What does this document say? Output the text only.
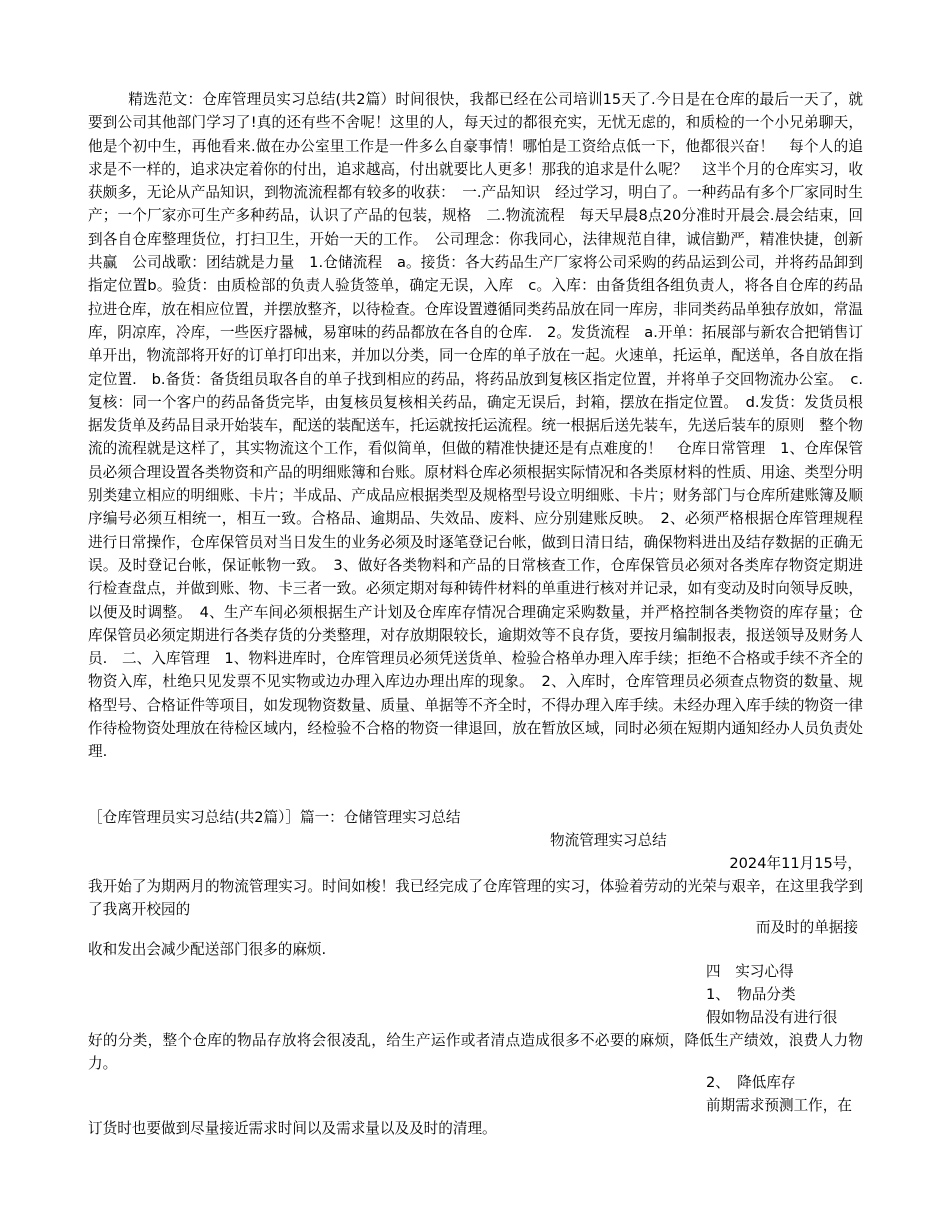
精选范文：仓库管理员实习总结(共2篇）时间很快，我都已经在公司培训15天了.今日是在仓库的最后一天了，就要到公司其他部门学习了!真的还有些不舍呢！这里的人，每天过的都很充实，无忧无虑的，和质检的一个小兄弟聊天，他是个初中生，再他看来.做在办公室里工作是一件多么自豪事情！哪怕是工资给点低一下，他都很兴奋！　每个人的追求是不一样的，追求决定着你的付出，追求越高，付出就要比人更多！那我的追求是什么呢？　这半个月的仓库实习，收获颇多，无论从产品知识，到物流流程都有较多的收获：　一.产品知识　经过学习，明白了。一种药品有多个厂家同时生产；一个厂家亦可生产多种药品，认识了产品的包装，规格　二.物流流程　每天早晨8点20分准时开晨会.晨会结束，回到各自仓库整理货位，打扫卫生，开始一天的工作。　公司理念：你我同心，法律规范自律，诚信勤严，精准快捷，创新共赢　公司战歌：团结就是力量　1.仓储流程　a。接货：各大药品生产厂家将公司采购的药品运到公司，并将药品卸到指定位置b。验货：由质检部的负责人验货签单，确定无误，入库　c。入库：由备货组各组负责人，将各自仓库的药品拉进仓库，放在相应位置，并摆放整齐，以待检查。仓库设置遵循同类药品放在同一库房，非同类药品单独存放如，常温库，阴凉库，冷库，一些医疗器械，易窜味的药品都放在各自的仓库.　2。发货流程　a.开单：拓展部与新农合把销售订单开出，物流部将开好的订单打印出来，并加以分类，同一仓库的单子放在一起。火速单，托运单，配送单，各自放在指定位置.　b.备货：备货组员取各自的单子找到相应的药品，将药品放到复核区指定位置，并将单子交回物流办公室。　c.复核：同一个客户的药品备货完毕，由复核员复核相关药品，确定无误后，封箱，摆放在指定位置。　d.发货：发货员根据发货单及药品目录开始装车，配送的装配送车，托运就按托运流程。统一根据后送先装车，先送后装车的原则　整个物流的流程就是这样了，其实物流这个工作，看似简单，但做的精准快捷还是有点难度的！　仓库日常管理　1、仓库保管员必须合理设置各类物资和产品的明细账簿和台账。原材料仓库必须根据实际情况和各类原材料的性质、用途、类型分明别类建立相应的明细账、卡片；半成品、产成品应根据类型及规格型号设立明细账、卡片；财务部门与仓库所建账簿及顺序编号必须互相统一，相互一致。合格品、逾期品、失效品、废料、应分别建账反映。　2、必须严格根据仓库管理规程进行日常操作，仓库保管员对当日发生的业务必须及时逐笔登记台帐，做到日清日结，确保物料进出及结存数据的正确无误。及时登记台帐，保证帐物一致。　3、做好各类物料和产品的日常核查工作，仓库保管员必须对各类库存物资定期进行检查盘点，并做到账、物、卡三者一致。必须定期对每种铸件材料的单重进行核对并记录，如有变动及时向领导反映，以便及时调整。　4、生产车间必须根据生产计划及仓库库存情况合理确定采购数量，并严格控制各类物资的库存量；仓库保管员必须定期进行各类存货的分类整理，对存放期限较长，逾期效等不良存货，要按月编制报表，报送领导及财务人员.　二、入库管理　1、物料进库时，仓库管理员必须凭送货单、检验合格单办理入库手续；拒绝不合格或手续不齐全的物资入库，杜绝只见发票不见实物或边办理入库边办理出库的现象。　2、入库时，仓库管理员必须查点物资的数量、规格型号、合格证件等项目，如发现物资数量、质量、单据等不齐全时，不得办理入库手续。未经办理入库手续的物资一律作待检物资处理放在待检区域内，经检验不合格的物资一律退回，放在暂放区域，同时必须在短期内通知经办人员负责处理.

［仓库管理员实习总结(共2篇）］篇一：仓储管理实习总结

物流管理实习总结

2024年11月15号，

我开始了为期两月的物流管理实习。时间如梭！我已经完成了仓库管理的实习，体验着劳动的光荣与艰辛，在这里我学到了我离开校园的

而及时的单据接

收和发出会减少配送部门很多的麻烦.

四　实习心得

1、　物品分类

假如物品没有进行很

好的分类，整个仓库的物品存放将会很凌乱，给生产运作或者清点造成很多不必要的麻烦，降低生产绩效，浪费人力物力。

2、　降低库存

前期需求预测工作，在

订货时也要做到尽量接近需求时间以及需求量以及及时的清理。
